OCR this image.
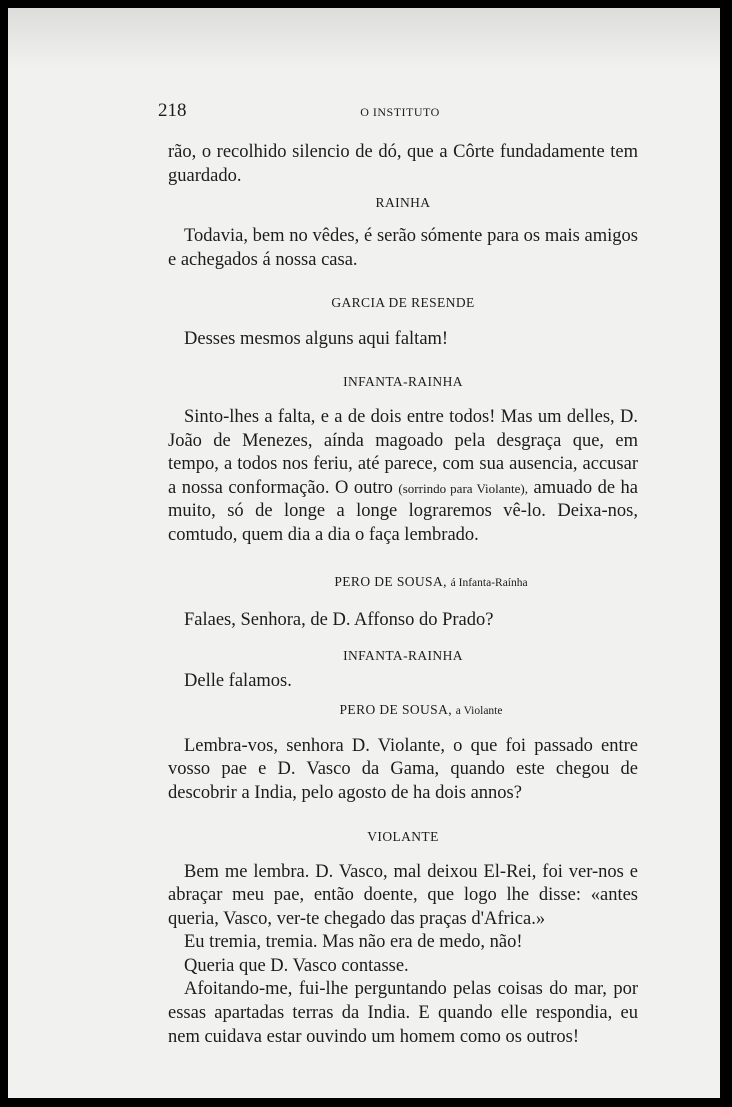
218	O INSTITUTO

rão, o recolhido silencio de dó, que a Côrte fundadamente tem guardado.

RAINHA

Todavia, bem no vêdes, é serão sómente para os mais amigos e achegados á nossa casa.

GARCIA DE RESENDE

Desses mesmos alguns aqui faltam!

INFANTA-RAINHA

Sinto-lhes a falta, e a de dois entre todos! Mas um delles, D. João de Menezes, aínda magoado pela desgraça que, em tempo, a todos nos feriu, até parece, com sua ausencia, accusar a nossa conformação. O outro (sorrindo para Violante), amuado de ha muito, só de longe a longe lograremos vê-lo. Deixa-nos, comtudo, quem dia a dia o faça lembrado.

PERO DE SOUSA, á Infanta-Raínha

Falaes, Senhora, de D. Affonso do Prado?

INFANTA-RAINHA

Delle falamos.

PERO DE SOUSA, a Violante

Lembra-vos, senhora D. Violante, o que foi passado entre vosso pae e D. Vasco da Gama, quando este chegou de descobrir a India, pelo agosto de ha dois annos?

VIOLANTE

Bem me lembra. D. Vasco, mal deixou El-Rei, foi ver-nos e abraçar meu pae, então doente, que logo lhe disse: «antes queria, Vasco, ver-te chegado das praças d'Africa.»

Eu tremia, tremia. Mas não era de medo, não!

Queria que D. Vasco contasse.

Afoitando-me, fui-lhe perguntando pelas coisas do mar, por essas apartadas terras da India. E quando elle respondia, eu nem cuidava estar ouvindo um homem como os outros!
